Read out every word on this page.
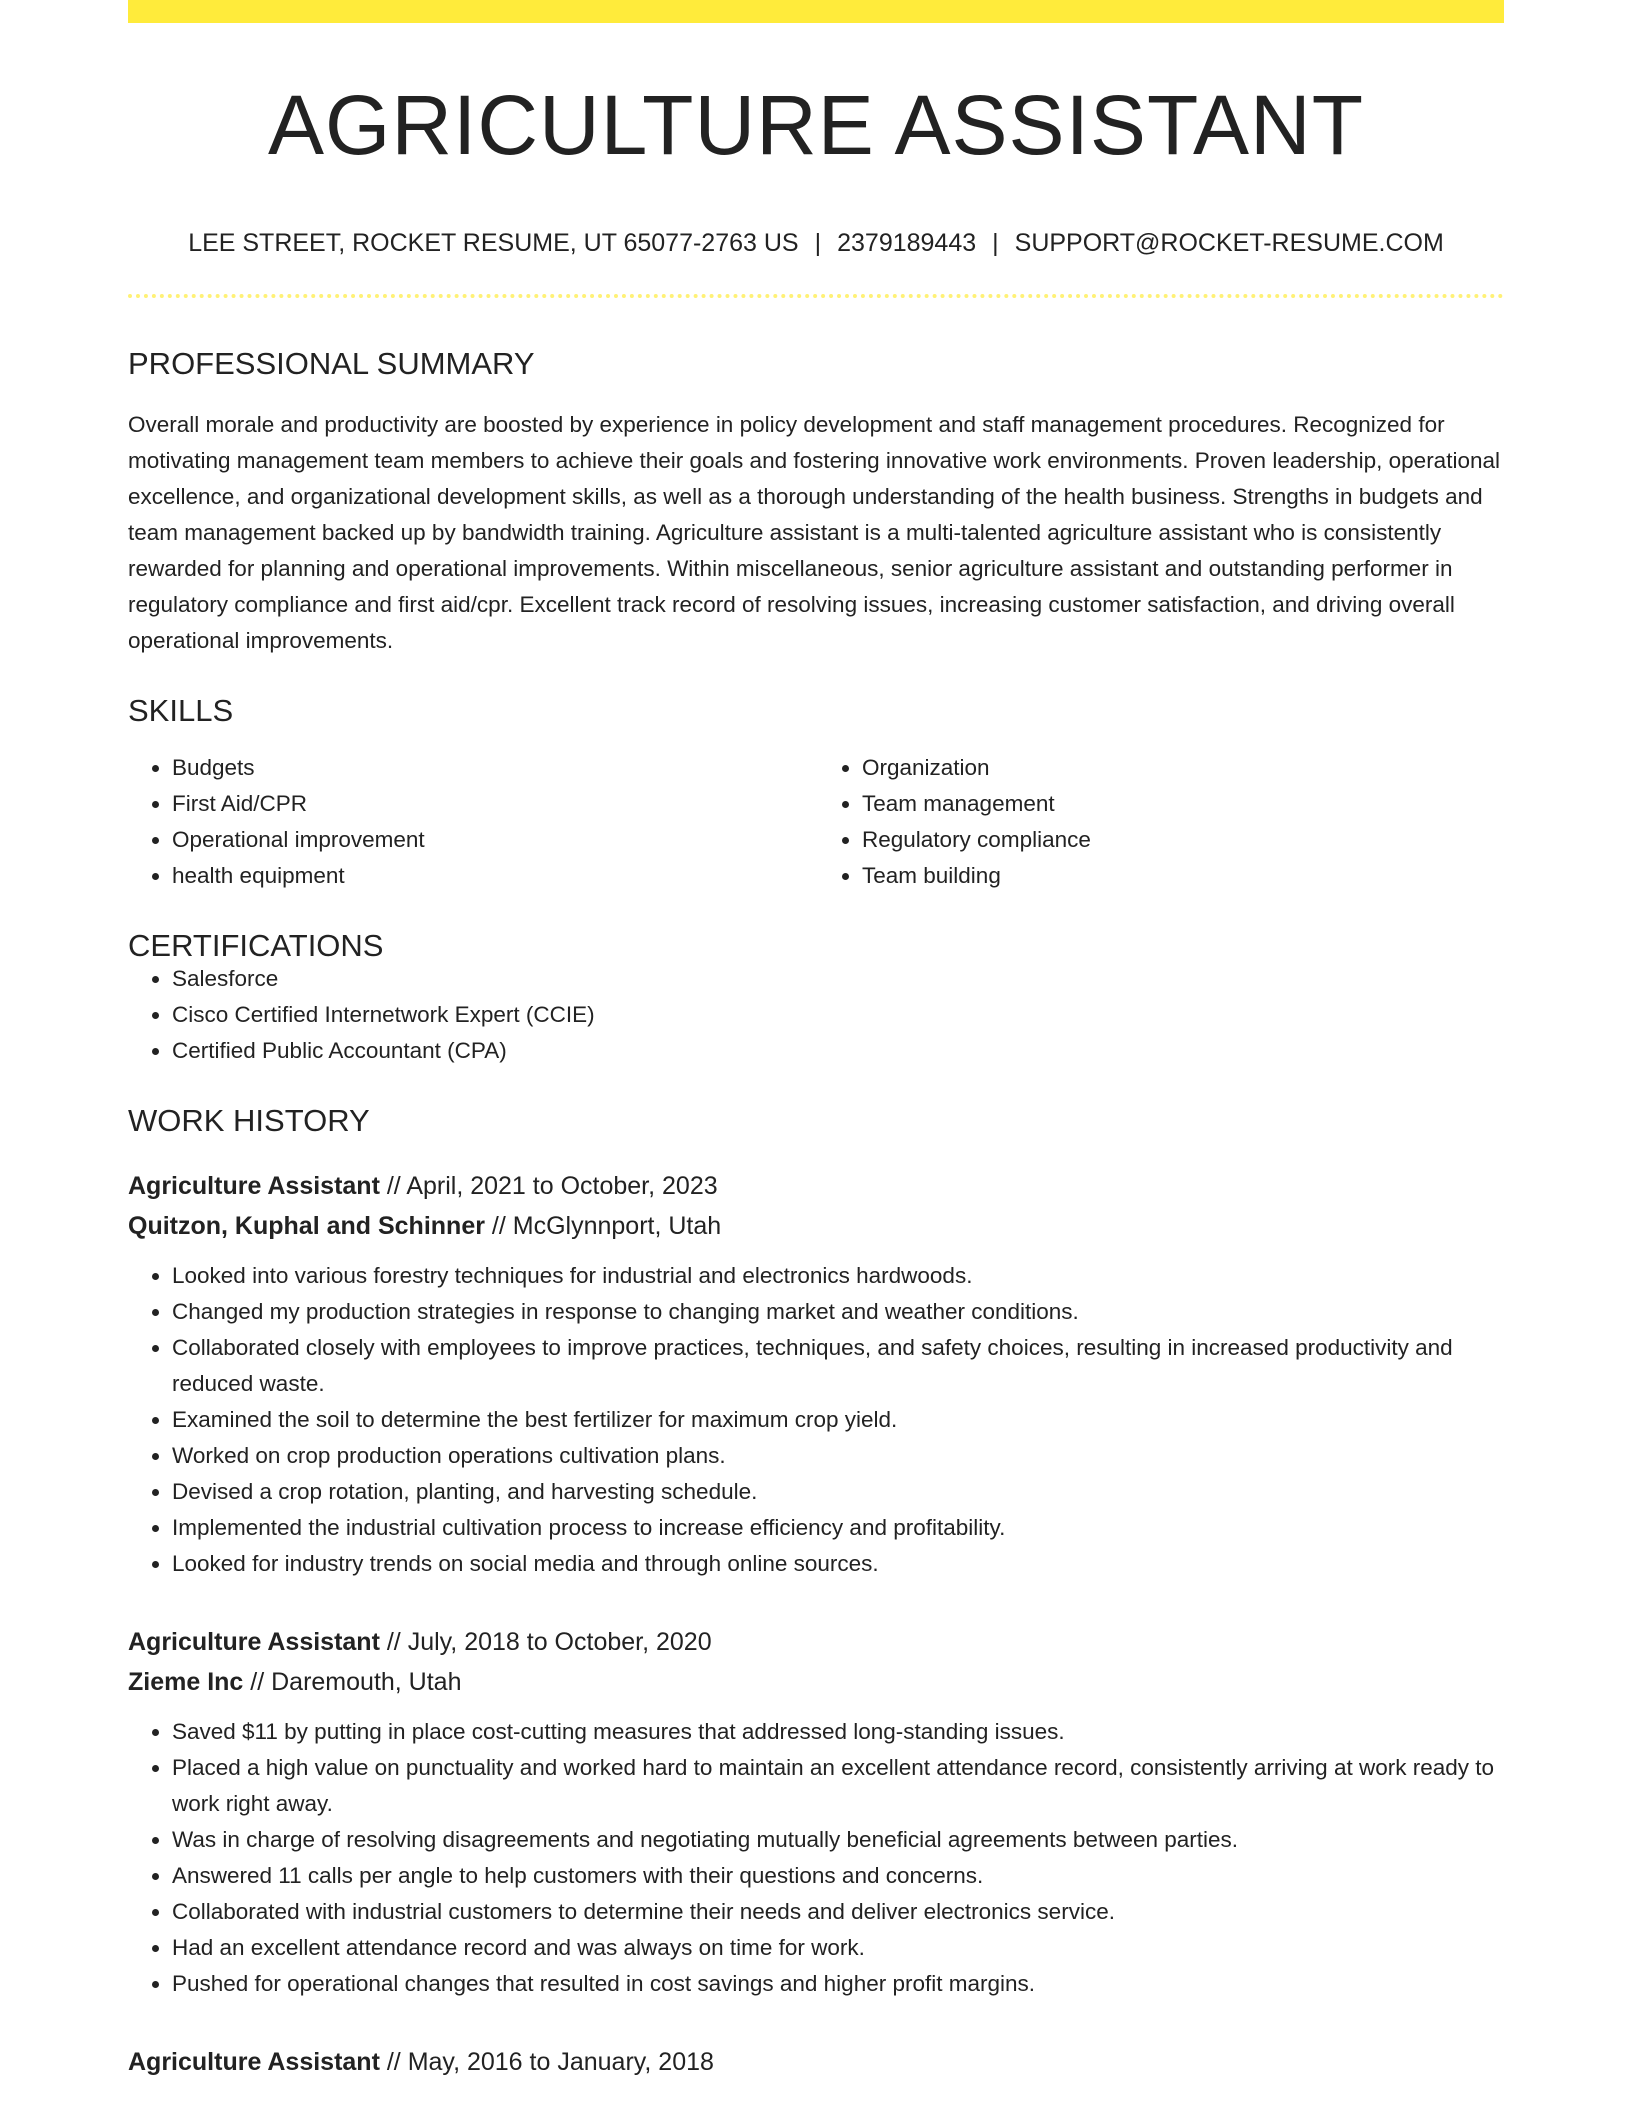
AGRICULTURE ASSISTANT
LEE STREET, ROCKET RESUME, UT 65077-2763 US | 2379189443 | SUPPORT@ROCKET-RESUME.COM
PROFESSIONAL SUMMARY
Overall morale and productivity are boosted by experience in policy development and staff management procedures. Recognized for motivating management team members to achieve their goals and fostering innovative work environments. Proven leadership, operational excellence, and organizational development skills, as well as a thorough understanding of the health business. Strengths in budgets and team management backed up by bandwidth training. Agriculture assistant is a multi-talented agriculture assistant who is consistently rewarded for planning and operational improvements. Within miscellaneous, senior agriculture assistant and outstanding performer in regulatory compliance and first aid/cpr. Excellent track record of resolving issues, increasing customer satisfaction, and driving overall operational improvements.
SKILLS
• Budgets
• First Aid/CPR
• Operational improvement
• health equipment
• Organization
• Team management
• Regulatory compliance
• Team building
CERTIFICATIONS
• Salesforce
• Cisco Certified Internetwork Expert (CCIE)
• Certified Public Accountant (CPA)
WORK HISTORY
Agriculture Assistant // April, 2021 to October, 2023
Quitzon, Kuphal and Schinner // McGlynnport, Utah
• Looked into various forestry techniques for industrial and electronics hardwoods.
• Changed my production strategies in response to changing market and weather conditions.
• Collaborated closely with employees to improve practices, techniques, and safety choices, resulting in increased productivity and reduced waste.
• Examined the soil to determine the best fertilizer for maximum crop yield.
• Worked on crop production operations cultivation plans.
• Devised a crop rotation, planting, and harvesting schedule.
• Implemented the industrial cultivation process to increase efficiency and profitability.
• Looked for industry trends on social media and through online sources.
Agriculture Assistant // July, 2018 to October, 2020
Zieme Inc // Daremouth, Utah
• Saved $11 by putting in place cost-cutting measures that addressed long-standing issues.
• Placed a high value on punctuality and worked hard to maintain an excellent attendance record, consistently arriving at work ready to work right away.
• Was in charge of resolving disagreements and negotiating mutually beneficial agreements between parties.
• Answered 11 calls per angle to help customers with their questions and concerns.
• Collaborated with industrial customers to determine their needs and deliver electronics service.
• Had an excellent attendance record and was always on time for work.
• Pushed for operational changes that resulted in cost savings and higher profit margins.
Agriculture Assistant // May, 2016 to January, 2018
